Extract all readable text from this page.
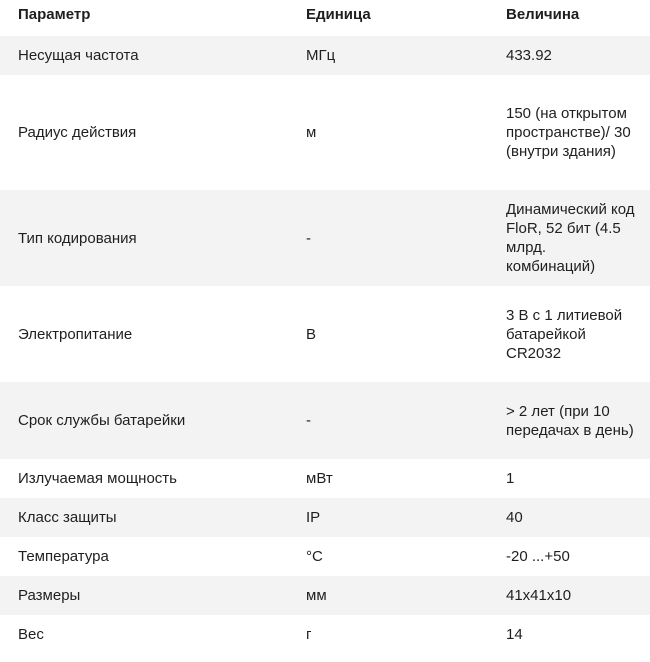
Параметр	Единица	Величина
Несущая частота	МГц	433.92
Радиус действия	м	150 (на открытом пространстве)/ 30 (внутри здания)
Тип кодирования	-	Динамический код FloR, 52 бит (4.5 млрд. комбинаций)
Электропитание	В	3 В с 1 литиевой батарейкой CR2032
Срок службы батарейки	-	> 2 лет (при 10 передачах в день)
Излучаемая мощность	мВт	1
Класс защиты	IP	40
Температура	°С	-20 ...+50
Размеры	мм	41x41x10
Вес	г	14
